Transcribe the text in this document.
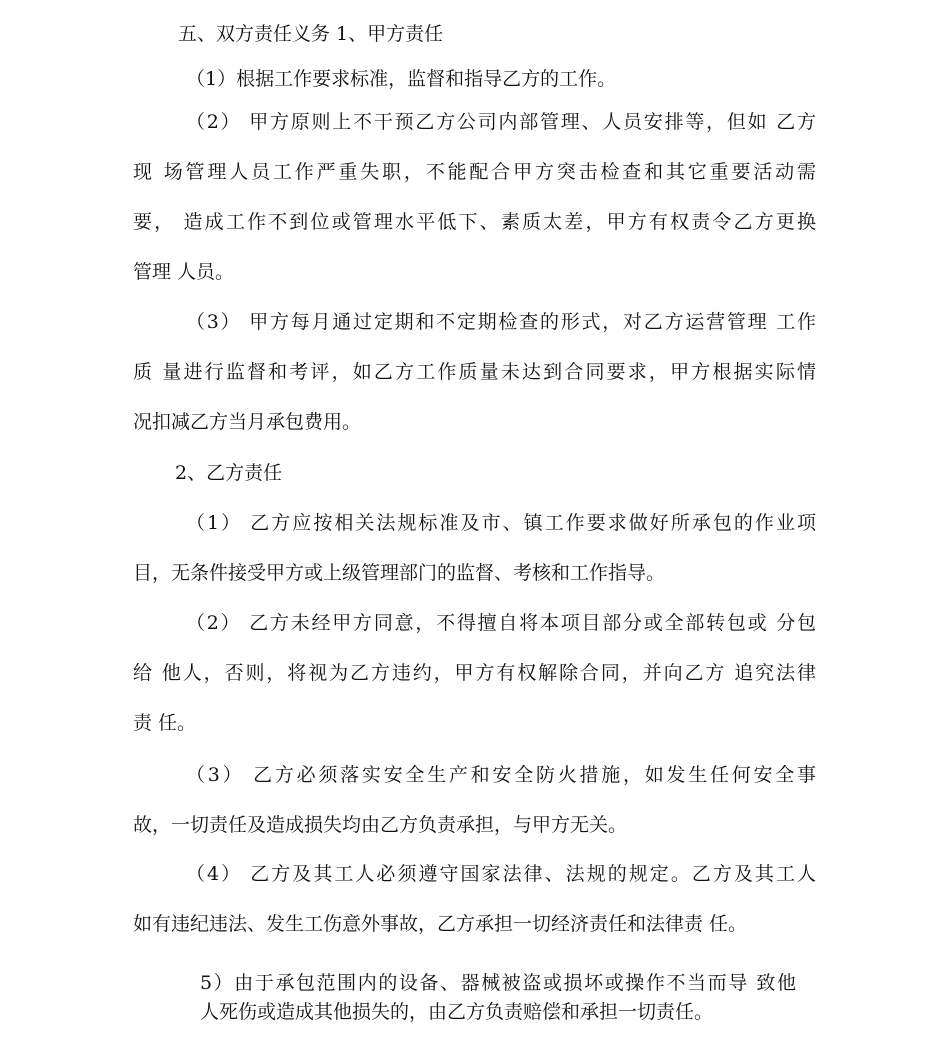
五、双方责任义务 1、甲方责任
（1）根据工作要求标准，监督和指导乙方的工作。
（2） 甲方原则上不干预乙方公司内部管理、人员安排等，但如 乙方
现 场管理人员工作严重失职，不能配合甲方突击检查和其它重要活动需
要， 造成工作不到位或管理水平低下、素质太差，甲方有权责令乙方更换
管理 人员。
（3） 甲方每月通过定期和不定期检查的形式，对乙方运营管理 工作
质 量进行监督和考评，如乙方工作质量未达到合同要求，甲方根据实际情
况扣减乙方当月承包费用。
2、乙方责任
（1） 乙方应按相关法规标准及市、镇工作要求做好所承包的作业项
目，无条件接受甲方或上级管理部门的监督、考核和工作指导。
（2） 乙方未经甲方同意，不得擅自将本项目部分或全部转包或 分包
给 他人，否则，将视为乙方违约，甲方有权解除合同，并向乙方 追究法律
责 任。
（3） 乙方必须落实安全生产和安全防火措施，如发生任何安全事
故，一切责任及造成损失均由乙方负责承担，与甲方无关。
（4） 乙方及其工人必须遵守国家法律、法规的规定。乙方及其工人
如有违纪违法、发生工伤意外事故，乙方承担一切经济责任和法律责 任。
5）由于承包范围内的设备、器械被盗或损坏或操作不当而导 致他
人死伤或造成其他损失的，由乙方负责赔偿和承担一切责任。
